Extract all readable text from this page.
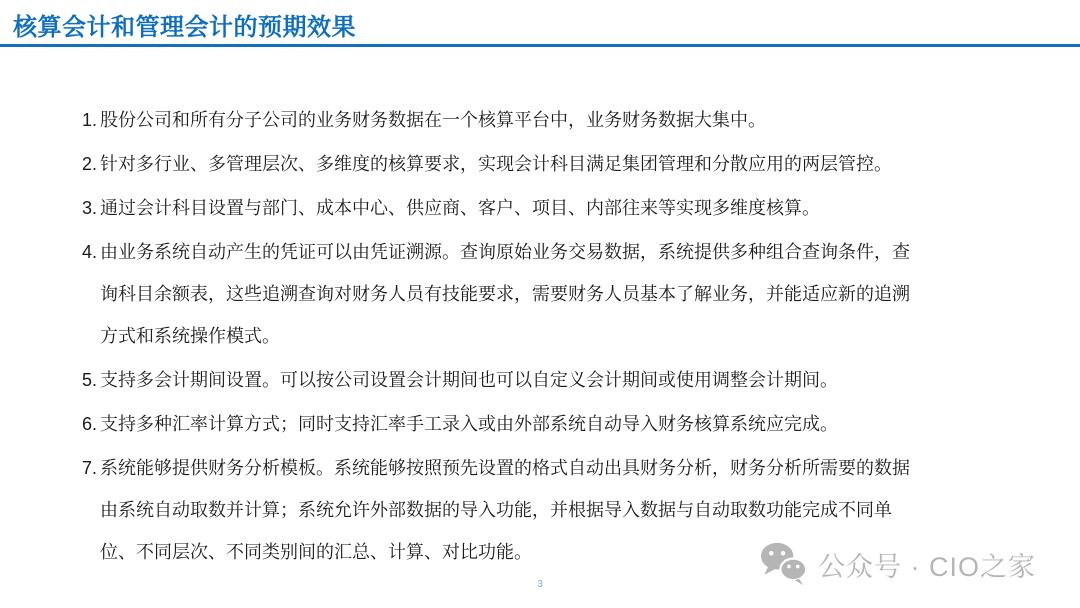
核算会计和管理会计的预期效果
1. 股份公司和所有分子公司的业务财务数据在一个核算平台中，业务财务数据大集中。
2. 针对多行业、多管理层次、多维度的核算要求，实现会计科目满足集团管理和分散应用的两层管控。
3. 通过会计科目设置与部门、成本中心、供应商、客户、项目、内部往来等实现多维度核算。
4. 由业务系统自动产生的凭证可以由凭证溯源。查询原始业务交易数据，系统提供多种组合查询条件，查询科目余额表，这些追溯查询对财务人员有技能要求，需要财务人员基本了解业务，并能适应新的追溯方式和系统操作模式。
5. 支持多会计期间设置。可以按公司设置会计期间也可以自定义会计期间或使用调整会计期间。
6. 支持多种汇率计算方式；同时支持汇率手工录入或由外部系统自动导入财务核算系统应完成。
7. 系统能够提供财务分析模板。系统能够按照预先设置的格式自动出具财务分析，财务分析所需要的数据由系统自动取数并计算；系统允许外部数据的导入功能，并根据导入数据与自动取数功能完成不同单位、不同层次、不同类别间的汇总、计算、对比功能。
3
公众号 · CIO之家
